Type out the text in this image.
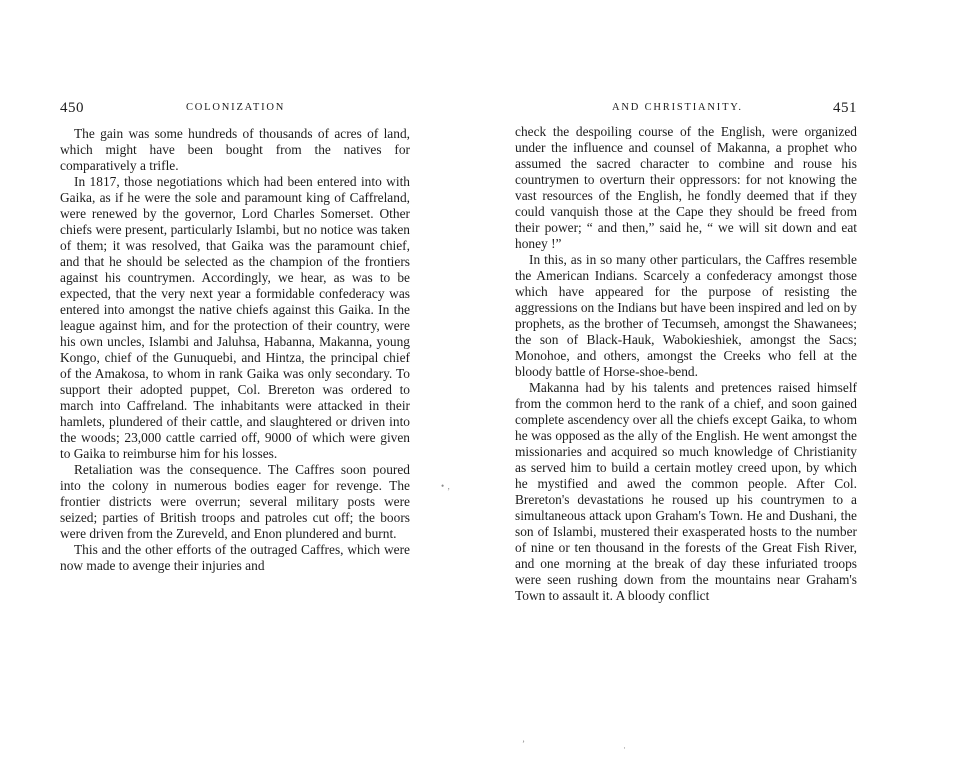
450	COLONIZATION

The gain was some hundreds of thousands of acres of land, which might have been bought from the natives for comparatively a trifle.

In 1817, those negotiations which had been entered into with Gaika, as if he were the sole and paramount king of Caffreland, were renewed by the governor, Lord Charles Somerset. Other chiefs were present, particularly Islambi, but no notice was taken of them; it was resolved, that Gaika was the paramount chief, and that he should be selected as the champion of the frontiers against his countrymen. Accordingly, we hear, as was to be expected, that the very next year a formidable confederacy was entered into amongst the native chiefs against this Gaika. In the league against him, and for the protection of their country, were his own uncles, Islambi and Jaluhsa, Habanna, Makanna, young Kongo, chief of the Gunuquebi, and Hintza, the principal chief of the Amakosa, to whom in rank Gaika was only secondary. To support their adopted puppet, Col. Brereton was ordered to march into Caffreland. The inhabitants were attacked in their hamlets, plundered of their cattle, and slaughtered or driven into the woods; 23,000 cattle carried off, 9000 of which were given to Gaika to reimburse him for his losses.

Retaliation was the consequence. The Caffres soon poured into the colony in numerous bodies eager for revenge. The frontier districts were overrun; several military posts were seized; parties of British troops and patroles cut off; the boors were driven from the Zureveld, and Enon plundered and burnt.

This and the other efforts of the outraged Caffres, which were now made to avenge their injuries and

•  ‚
AND CHRISTIANITY.	451

check the despoiling course of the English, were organized under the influence and counsel of Makanna, a prophet who assumed the sacred character to combine and rouse his countrymen to overturn their oppressors: for not knowing the vast resources of the English, he fondly deemed that if they could vanquish those at the Cape they should be freed from their power; “ and then,” said he, “ we will sit down and eat honey !”

In this, as in so many other particulars, the Caffres resemble the American Indians. Scarcely a confederacy amongst those which have appeared for the purpose of resisting the aggressions on the Indians but have been inspired and led on by prophets, as the brother of Tecumseh, amongst the Shawanees; the son of Black-Hauk, Wabokieshiek, amongst the Sacs; Monohoe, and others, amongst the Creeks who fell at the bloody battle of Horse-shoe-bend.

Makanna had by his talents and pretences raised himself from the common herd to the rank of a chief, and soon gained complete ascendency over all the chiefs except Gaika, to whom he was opposed as the ally of the English. He went amongst the missionaries and acquired so much knowledge of Christianity as served him to build a certain motley creed upon, by which he mystified and awed the common people. After Col. Brereton's devastations he roused up his countrymen to a simultaneous attack upon Graham's Town. He and Dushani, the son of Islambi, mustered their exasperated hosts to the number of nine or ten thousand in the forests of the Great Fish River, and one morning at the break of day these infuriated troops were seen rushing down from the mountains near Graham's Town to assault it. A bloody conflict

’	·
